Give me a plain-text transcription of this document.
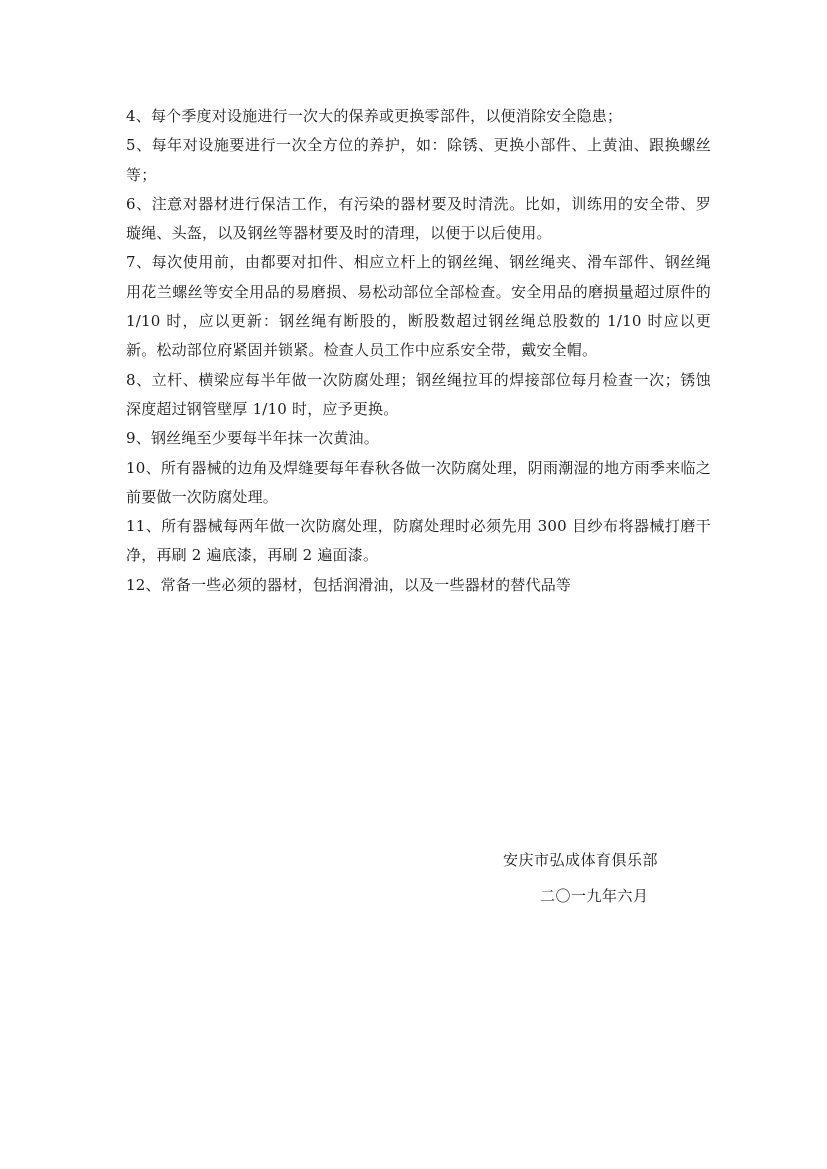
4、每个季度对设施进行一次大的保养或更换零部件，以便消除安全隐患；

5、每年对设施要进行一次全方位的养护，如：除锈、更换小部件、上黄油、跟换螺丝等；

6、注意对器材进行保洁工作，有污染的器材要及时清洗。比如，训练用的安全带、罗璇绳、头盔，以及钢丝等器材要及时的清理，以便于以后使用。

7、每次使用前，由都要对扣件、相应立杆上的钢丝绳、钢丝绳夹、滑车部件、钢丝绳用花兰螺丝等安全用品的易磨损、易松动部位全部检查。安全用品的磨损量超过原件的 1/10 时，应以更新：钢丝绳有断股的，断股数超过钢丝绳总股数的 1/10 时应以更新。松动部位府紧固并锁紧。检查人员工作中应系安全带，戴安全帽。

8、立杆、横梁应每半年做一次防腐处理；钢丝绳拉耳的焊接部位每月检查一次；锈蚀深度超过钢管壁厚 1/10 时，应予更换。

9、钢丝绳至少要每半年抹一次黄油。

10、所有器械的边角及焊缝要每年春秋各做一次防腐处理，阴雨潮湿的地方雨季来临之前要做一次防腐处理。

11、所有器械每两年做一次防腐处理，防腐处理时必须先用 300 目纱布将器械打磨干净，再刷 2 遍底漆，再刷 2 遍面漆。

12、常备一些必须的器材，包括润滑油，以及一些器材的替代品等

安庆市弘成体育俱乐部
二〇一九年六月
